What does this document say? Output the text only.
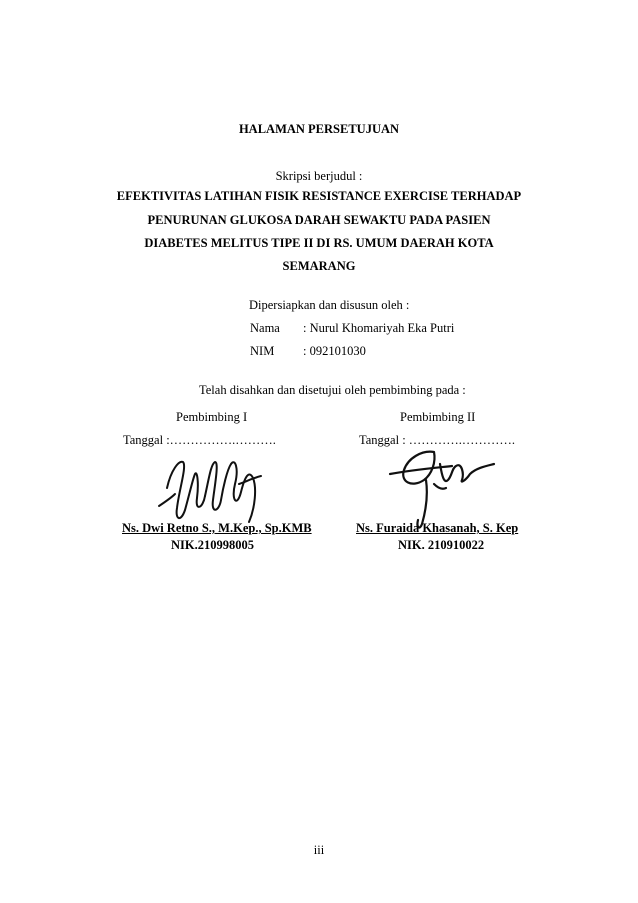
HALAMAN PERSETUJUAN
Skripsi berjudul :
EFEKTIVITAS LATIHAN FISIK RESISTANCE EXERCISE TERHADAP
PENURUNAN GLUKOSA DARAH SEWAKTU PADA PASIEN
DIABETES MELITUS TIPE II DI RS. UMUM DAERAH KOTA
SEMARANG
Dipersiapkan dan disusun oleh :
Nama : Nurul Khomariyah Eka Putri
NIM : 092101030
Telah disahkan dan disetujui oleh pembimbing pada :
Pembimbing I
Tanggal :…………….……….
Ns. Dwi Retno S., M.Kep., Sp.KMB
NIK.210998005
Pembimbing II
Tanggal : ………….………….
Ns. Furaida Khasanah, S. Kep
NIK. 210910022
iii
